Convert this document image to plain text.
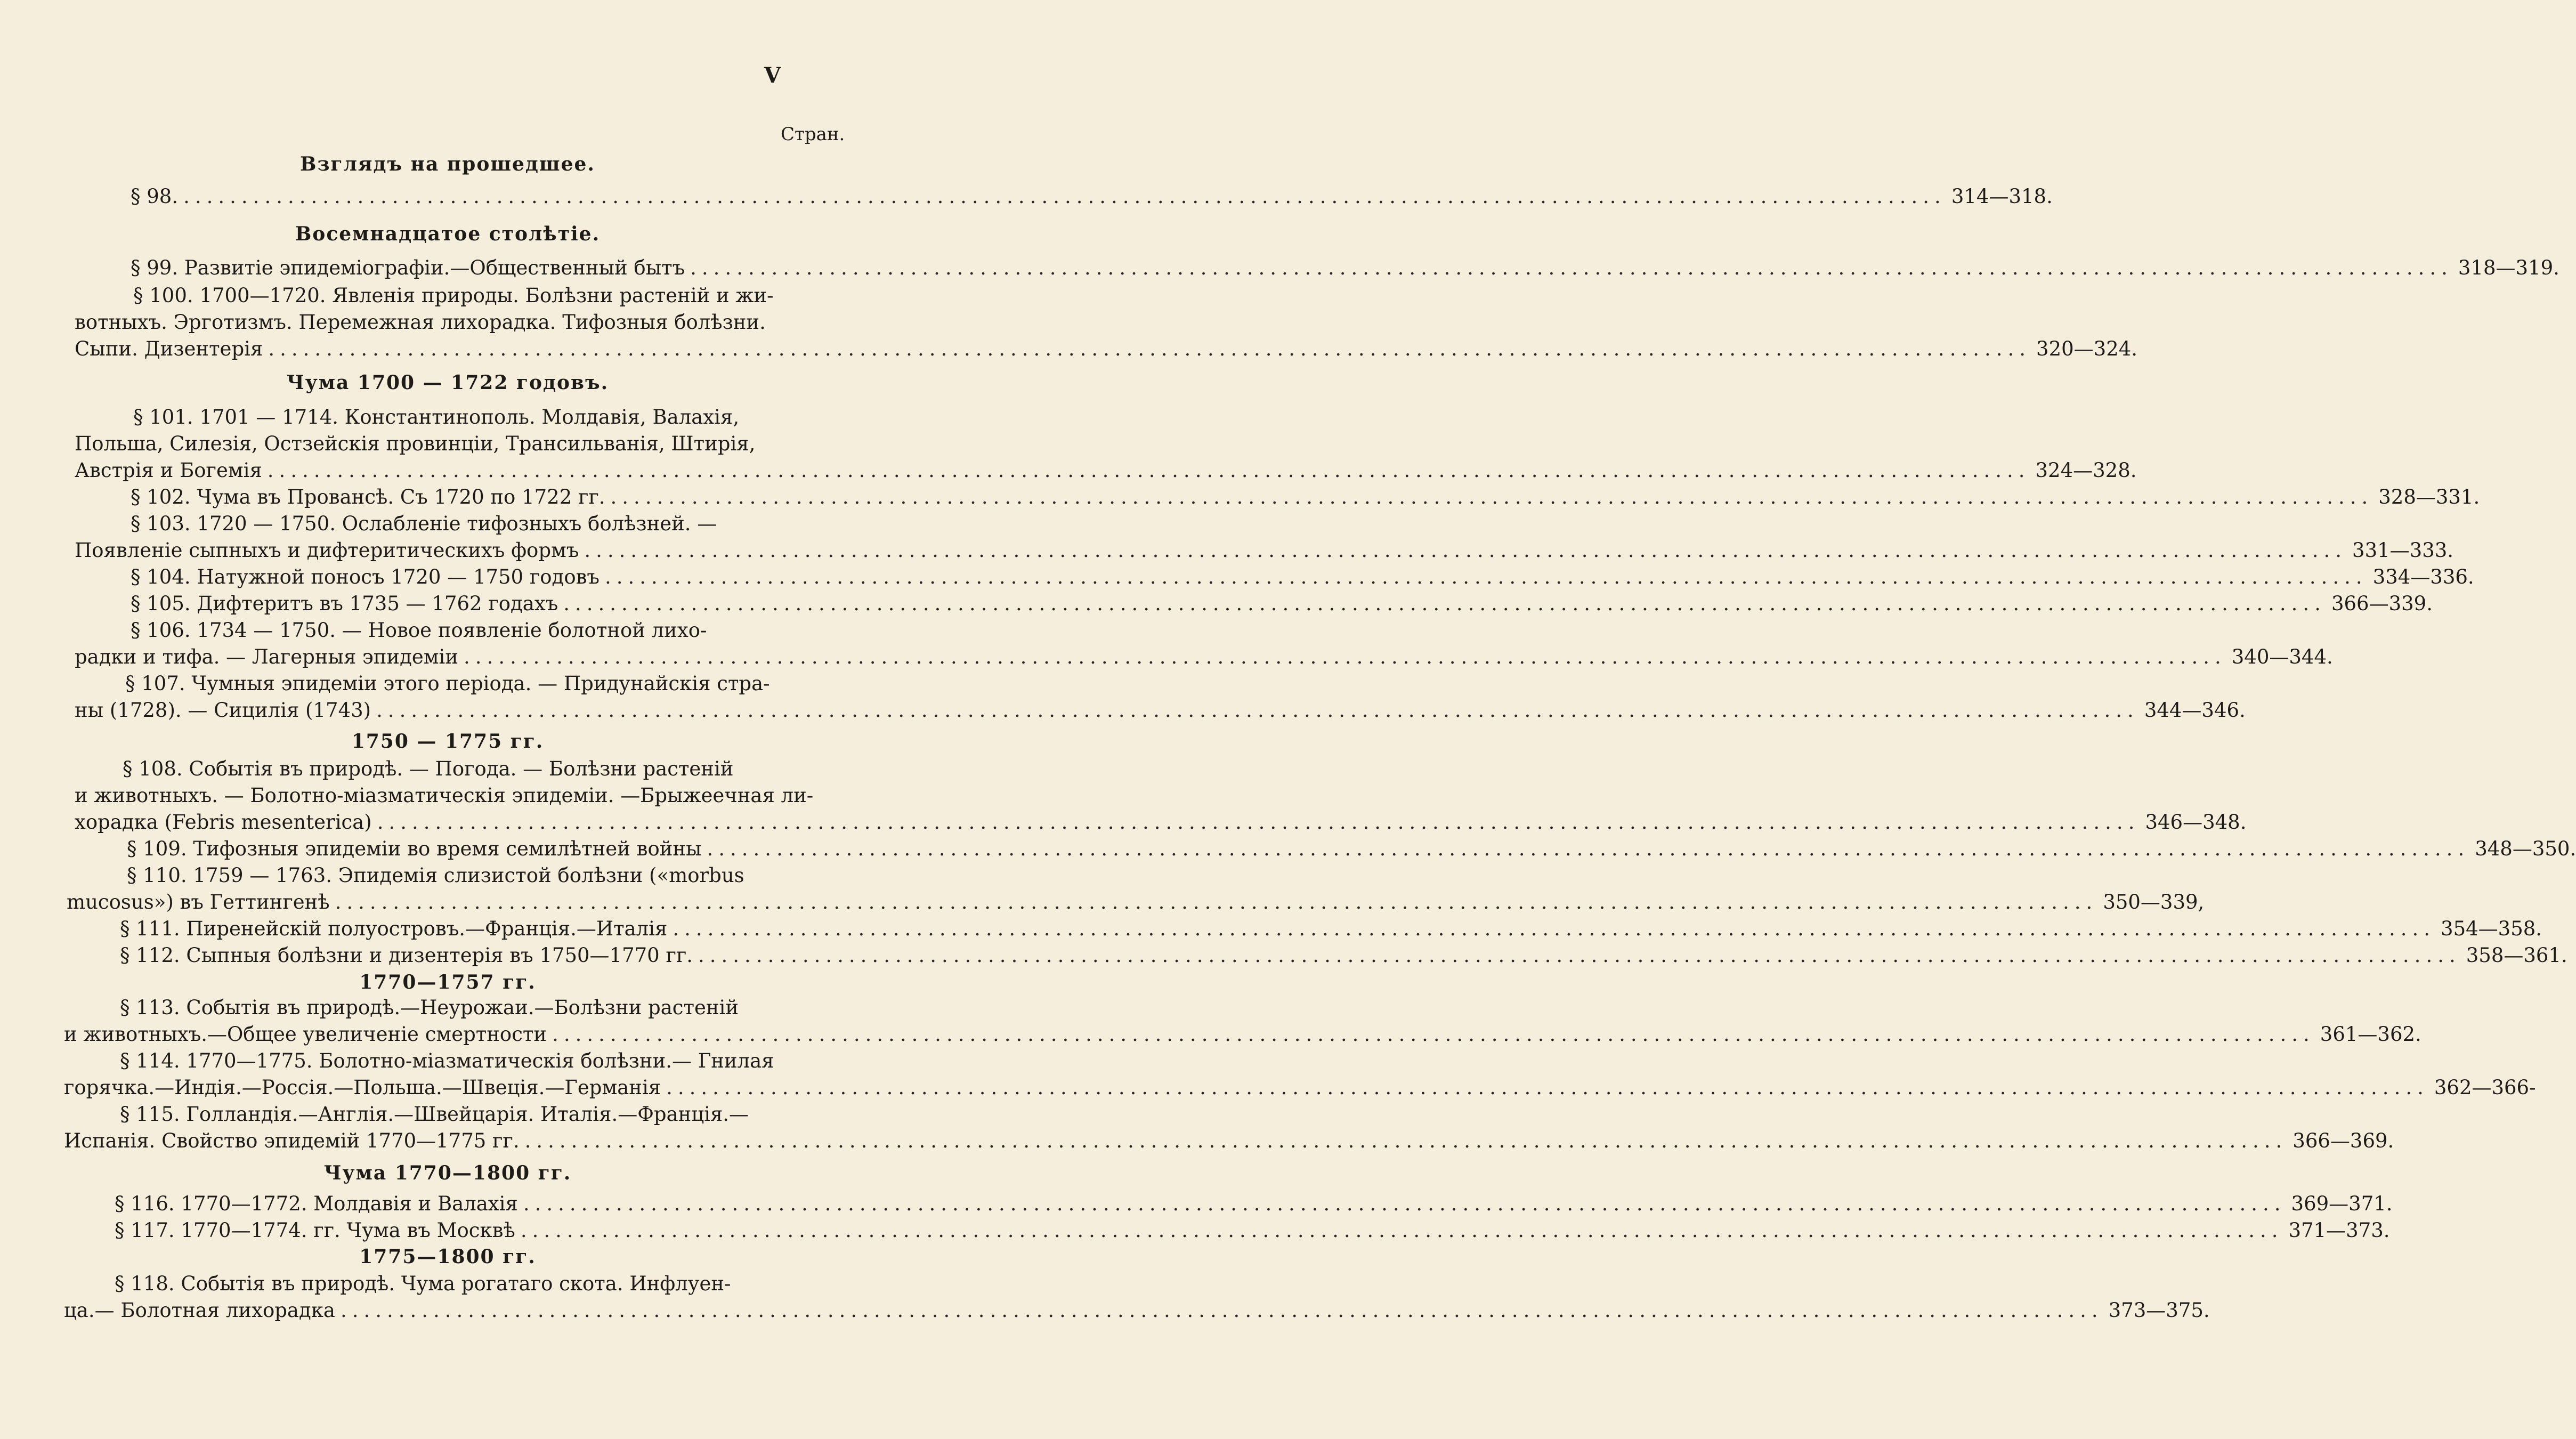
V
Стран.
Взглядъ на прошедшее.
§ 98. ........................................................................................................................................................ 314—318.
Восемнадцатое столѣтіе.
§ 99. Развитіе эпидеміографіи.—Общественный бытъ ........................................................................................................................................................ 318—319.
§ 100. 1700—1720. Явленія природы. Болѣзни растеній и жи-
вотныхъ. Эрготизмъ. Перемежная лихорадка. Тифозныя болѣзни.
Сыпи. Дизентерія ........................................................................................................................................................ 320—324.
Чума 1700 — 1722 годовъ.
§ 101. 1701 — 1714. Константинополь. Молдавія, Валахія,
Польша, Силезія, Остзейскія провинціи, Трансильванія, Штирія,
Австрія и Богемія ........................................................................................................................................................ 324—328.
§ 102. Чума въ Провансѣ. Съ 1720 по 1722 гг. ........................................................................................................................................................ 328—331.
§ 103. 1720 — 1750. Ослабленіе тифозныхъ болѣзней. —
Появленіе сыпныхъ и дифтеритическихъ формъ ........................................................................................................................................................ 331—333.
§ 104. Натужной поносъ 1720 — 1750 годовъ ........................................................................................................................................................ 334—336.
§ 105. Дифтеритъ въ 1735 — 1762 годахъ ........................................................................................................................................................ 366—339.
§ 106. 1734 — 1750. — Новое появленіе болотной лихо-
радки и тифа. — Лагерныя эпидеміи ........................................................................................................................................................ 340—344.
§ 107. Чумныя эпидеміи этого періода. — Придунайскія стра-
ны (1728). — Сицилія (1743) ........................................................................................................................................................ 344—346.
1750 — 1775 гг.
§ 108. Событія въ природѣ. — Погода. — Болѣзни растеній
и животныхъ. — Болотно-міазматическія эпидеміи. —Брыжеечная ли-
хорадка (Febris mesenterica) ........................................................................................................................................................ 346—348.
§ 109. Тифозныя эпидеміи во время семилѣтней войны ........................................................................................................................................................ 348—350.
§ 110. 1759 — 1763. Эпидемія слизистой болѣзни («morbus
mucosus») въ Геттингенѣ ........................................................................................................................................................ 350—339,
§ 111. Пиренейскій полуостровъ.—Франція.—Италія ........................................................................................................................................................ 354—358.
§ 112. Сыпныя болѣзни и дизентерія въ 1750—1770 гг. ........................................................................................................................................................ 358—361.
1770—1757 гг.
§ 113. Событія въ природѣ.—Неурожаи.—Болѣзни растеній
и животныхъ.—Общее увеличеніе смертности ........................................................................................................................................................ 361—362.
§ 114. 1770—1775. Болотно-міазматическія болѣзни.— Гнилая
горячка.—Индія.—Россія.—Польша.—Швеція.—Германія ........................................................................................................................................................ 362—366-
§ 115. Голландія.—Англія.—Швейцарія. Италія.—Франція.—
Испанія. Свойство эпидемій 1770—1775 гг. ........................................................................................................................................................ 366—369.
Чума 1770—1800 гг.
§ 116. 1770—1772. Молдавія и Валахія ........................................................................................................................................................ 369—371.
§ 117. 1770—1774. гг. Чума въ Москвѣ ........................................................................................................................................................ 371—373.
1775—1800 гг.
§ 118. Событія въ природѣ. Чума рогатаго скота. Инфлуен-
ца.— Болотная лихорадка ........................................................................................................................................................ 373—375.
